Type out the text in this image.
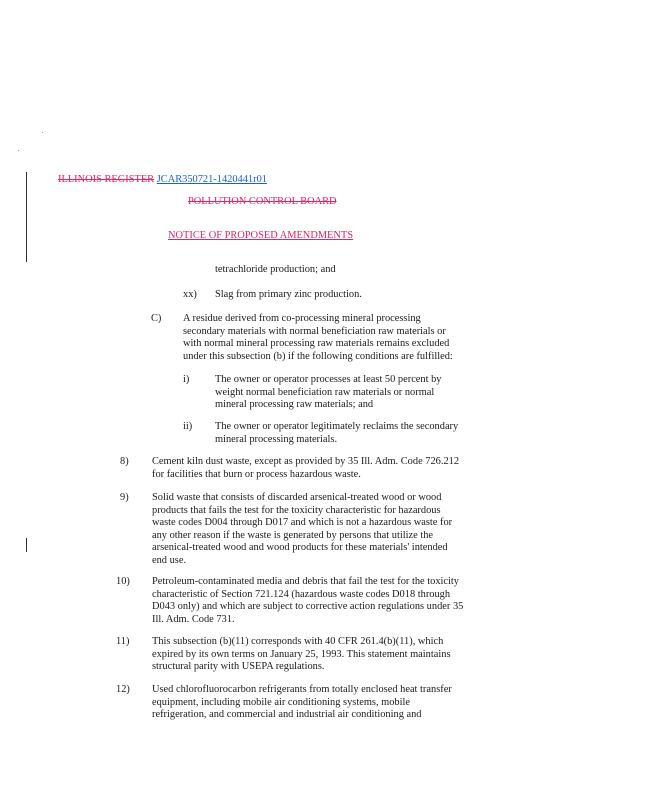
ILLINOIS REGISTER JCAR350721-1420441r01
POLLUTION CONTROL BOARD
NOTICE OF PROPOSED AMENDMENTS
tetrachloride production; and
xx) Slag from primary zinc production.
C) A residue derived from co-processing mineral processing
secondary materials with normal beneficiation raw materials or
with normal mineral processing raw materials remains excluded
under this subsection (b) if the following conditions are fulfilled:
i) The owner or operator processes at least 50 percent by
weight normal beneficiation raw materials or normal
mineral processing raw materials; and
ii) The owner or operator legitimately reclaims the secondary
mineral processing materials.
8) Cement kiln dust waste, except as provided by 35 Ill. Adm. Code 726.212
for facilities that burn or process hazardous waste.
9) Solid waste that consists of discarded arsenical-treated wood or wood
products that fails the test for the toxicity characteristic for hazardous
waste codes D004 through D017 and which is not a hazardous waste for
any other reason if the waste is generated by persons that utilize the
arsenical-treated wood and wood products for these materials' intended
end use.
10) Petroleum-contaminated media and debris that fail the test for the toxicity
characteristic of Section 721.124 (hazardous waste codes D018 through
D043 only) and which are subject to corrective action regulations under 35
Ill. Adm. Code 731.
11) This subsection (b)(11) corresponds with 40 CFR 261.4(b)(11), which
expired by its own terms on January 25, 1993. This statement maintains
structural parity with USEPA regulations.
12) Used chlorofluorocarbon refrigerants from totally enclosed heat transfer
equipment, including mobile air conditioning systems, mobile
refrigeration, and commercial and industrial air conditioning and
